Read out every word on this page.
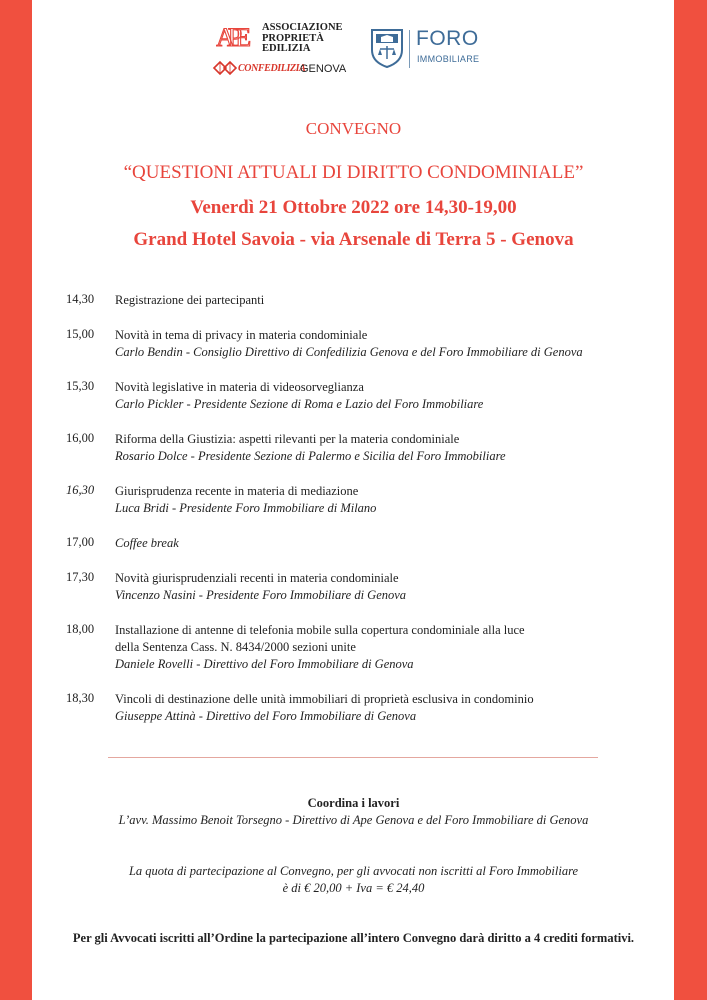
APE	ASSOCIAZIONE
PROPRIETÀ
EDILIZIA
CONFEDILIZIA
GENOVA
FORO
IMMOBILIARE
CONVEGNO
“QUESTIONI ATTUALI DI DIRITTO CONDOMINIALE”
Venerdì 21 Ottobre 2022 ore 14,30-19,00
Grand Hotel Savoia - via Arsenale di Terra 5 - Genova
14,30	Registrazione dei partecipanti
15,00	Novità in tema di privacy in materia condominiale
Carlo Bendin - Consiglio Direttivo di Confedilizia Genova e del Foro Immobiliare di Genova
15,30	Novità legislative in materia di videosorveglianza
Carlo Pickler - Presidente Sezione di Roma e Lazio del Foro Immobiliare
16,00	Riforma della Giustizia: aspetti rilevanti per la materia condominiale
Rosario Dolce - Presidente Sezione di Palermo e Sicilia del Foro Immobiliare
16,30	Giurisprudenza recente in materia di mediazione
Luca Bridi - Presidente Foro Immobiliare di Milano
17,00	Coffee break
17,30	Novità giurisprudenziali recenti in materia condominiale
Vincenzo Nasini - Presidente Foro Immobiliare di Genova
18,00	Installazione di antenne di telefonia mobile sulla copertura condominiale alla luce
della Sentenza Cass. N. 8434/2000 sezioni unite
Daniele Rovelli - Direttivo del Foro Immobiliare di Genova
18,30	Vincoli di destinazione delle unità immobiliari di proprietà esclusiva in condominio
Giuseppe Attinà - Direttivo del Foro Immobiliare di Genova
Coordina i lavori
L’avv. Massimo Benoit Torsegno - Direttivo di Ape Genova e del Foro Immobiliare di Genova
La quota di partecipazione al Convegno, per gli avvocati non iscritti al Foro Immobiliare
è di € 20,00 + Iva = € 24,40
Per gli Avvocati iscritti all’Ordine la partecipazione all’intero Convegno darà diritto a 4 crediti formativi.
